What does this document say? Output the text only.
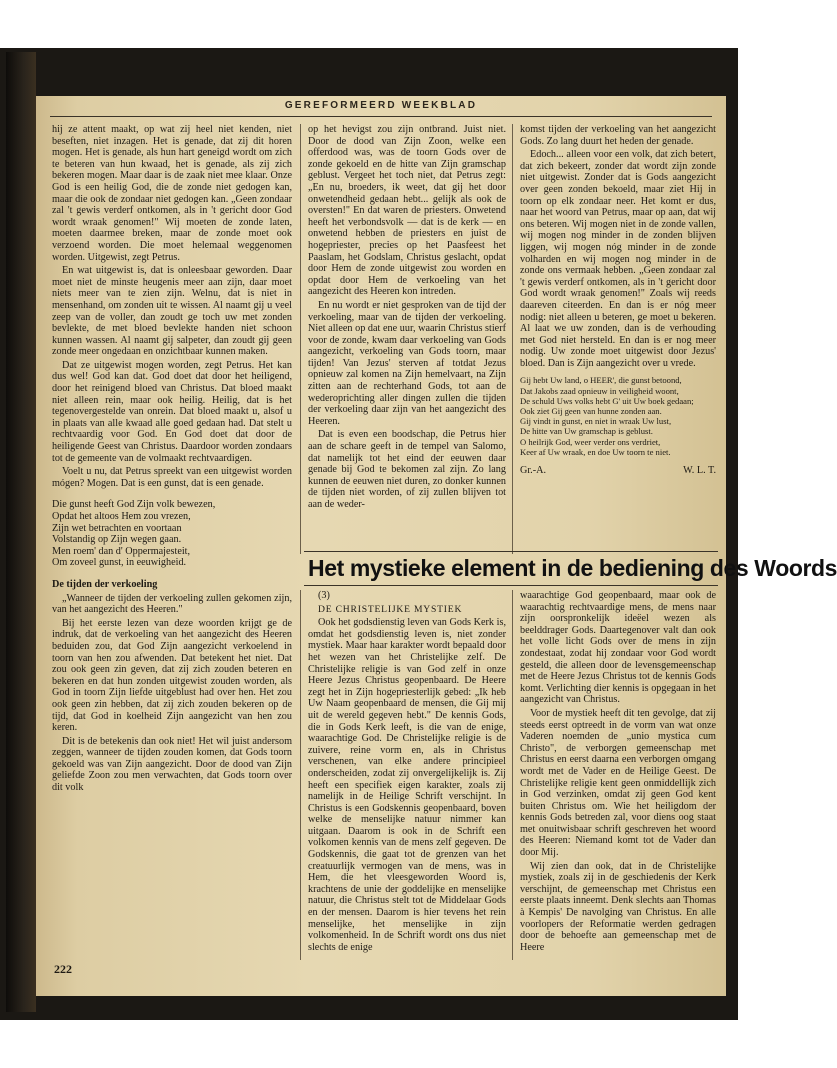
GEREFORMEERD WEEKBLAD

hij ze attent maakt, op wat zij heel niet kenden, niet beseften, niet inzagen. Het is genade, dat zij dit horen mogen. Het is genade, als hun hart geneigd wordt om zich te beteren van hun kwaad, het is genade, als zij zich bekeren mogen. Maar daar is de zaak niet mee klaar. Onze God is een heilig God, die de zonde niet gedogen kan, maar die ook de zondaar niet gedogen kan. „Geen zondaar zal 't gewis verderf ontkomen, als in 't gericht door God wordt wraak genomen!" Wij moeten de zonde laten, moeten daarmee breken, maar de zonde moet ook verzoend worden. Die moet helemaal weggenomen worden. Uitgewist, zegt Petrus.

En wat uitgewist is, dat is onleesbaar geworden. Daar moet niet de minste heugenis meer aan zijn, daar moet niets meer van te zien zijn. Welnu, dat is niet in mensenhand, om zonden uit te wissen. Al naamt gij u veel zeep van de voller, dan zoudt ge toch uw met zonden bevlekte, de met bloed bevlekte handen niet schoon kunnen wassen. Al naamt gij salpeter, dan zoudt gij geen zonde meer ongedaan en onzichtbaar kunnen maken.

Dat ze uitgewist mogen worden, zegt Petrus. Het kan dus wel! God kan dat. God doet dat door het heiligend, door het reinigend bloed van Christus. Dat bloed maakt niet alleen rein, maar ook heilig. Heilig, dat is het tegenovergestelde van onrein. Dat bloed maakt u, alsof u in plaats van alle kwaad alle goed gedaan had. Dat stelt u rechtvaardig voor God. En God doet dat door de heiligende Geest van Christus. Daardoor worden zondaars tot de gemeente van de volmaakt rechtvaardigen.

Voelt u nu, dat Petrus spreekt van een uitgewist worden mógen? Mogen. Dat is een gunst, dat is een genade.

Die gunst heeft God Zijn volk bewezen,
Opdat het altoos Hem zou vrezen,
Zijn wet betrachten en voortaan
Volstandig op Zijn wegen gaan.
Men roem' dan d' Oppermajesteit,
Om zoveel gunst, in eeuwigheid.
De tijden der verkoeling

„Wanneer de tijden der verkoeling zullen gekomen zijn, van het aangezicht des Heeren."

Bij het eerste lezen van deze woorden krijgt ge de indruk, dat de verkoeling van het aangezicht des Heeren beduiden zou, dat God Zijn aangezicht verkoelend in toorn van hen zou afwenden. Dat betekent het niet. Dat zou ook geen zin geven, dat zij zich zouden beteren en bekeren en dat hun zonden uitgewist zouden worden, als God in toorn Zijn liefde uitgeblust had over hen. Het zou ook geen zin hebben, dat zij zich zouden bekeren op de tijd, dat God in koelheid Zijn aangezicht van hen zou keren.

Dit is de betekenis dan ook niet! Het wil juist andersom zeggen, wanneer de tijden zouden komen, dat Gods toorn gekoeld was van Zijn aangezicht. Door de dood van Zijn geliefde Zoon zou men verwachten, dat Gods toorn over dit volk

op het hevigst zou zijn ontbrand. Juist niet. Door de dood van Zijn Zoon, welke een offerdood was, was de toorn Gods over de zonde gekoeld en de hitte van Zijn gramschap geblust. Vergeet het toch niet, dat Petrus zegt: „En nu, broeders, ik weet, dat gij het door onwetendheid gedaan hebt... gelijk als ook de oversten!" En dat waren de priesters. Onwetend heeft het verbondsvolk — dat is de kerk — en onwetend hebben de priesters en juist de hogepriester, precies op het Paasfeest het Paaslam, het Godslam, Christus geslacht, opdat door Hem de zonde uitgewist zou worden en opdat door Hem de verkoeling van het aangezicht des Heeren kon intreden.

En nu wordt er niet gesproken van de tijd der verkoeling, maar van de tijden der verkoeling. Niet alleen op dat ene uur, waarin Christus stierf voor de zonde, kwam daar verkoeling van Gods aangezicht, verkoeling van Gods toorn, maar tijden! Van Jezus' sterven af totdat Jezus opnieuw zal komen na Zijn hemelvaart, na Zijn zitten aan de rechterhand Gods, tot aan de wederoprichting aller dingen zullen die tijden der verkoeling daar zijn van het aangezicht des Heeren.

Dat is even een boodschap, die Petrus hier aan de schare geeft in de tempel van Salomo, dat namelijk tot het eind der eeuwen daar genade bij God te bekomen zal zijn. Zo lang kunnen de eeuwen niet duren, zo donker kunnen de tijden niet worden, of zij zullen blijven tot aan de weder-

komst tijden der verkoeling van het aangezicht Gods. Zo lang duurt het heden der genade.

Edoch... alleen voor een volk, dat zich betert, dat zich bekeert, zonder dat wordt zijn zonde niet uitgewist. Zonder dat is Gods aangezicht over geen zonden bekoeld, maar ziet Hij in toorn op elk zondaar neer. Het komt er dus, naar het woord van Petrus, maar op aan, dat wij ons beteren. Wij mogen niet in de zonde vallen, wij mogen nog minder in de zonden blijven liggen, wij mogen nóg minder in de zonde volharden en wij mogen nog minder in de zonde ons vermaak hebben. „Geen zondaar zal 't gewis verderf ontkomen, als in 't gericht door God wordt wraak genomen!" Zoals wij reeds daareven citeerden. En dan is er nóg meer nodig: niet alleen u beteren, ge moet u bekeren. Al laat we uw zonden, dan is de verhouding met God niet hersteld. En dan is er nog meer nodig. Uw zonde moet uitgewist door Jezus' bloed. Dan is Zijn aangezicht over u vrede.

Gij hebt Uw land, o HEER', die gunst betoond,
Dat Jakobs zaad opnieuw in veiligheid woont,
De schuld Uws volks hebt G' uit Uw boek gedaan;
Ook ziet Gij geen van hunne zonden aan.
Gij vindt in gunst, en niet in wraak Uw lust,
De hitte van Uw gramschap is geblust.
O heilrijk God, weer verder ons verdriet,
Keer af Uw wraak, en doe Uw toorn te niet.
Gr.-A.	W. L. T.
Het mystieke element in de bediening des Woords

(3)

DE CHRISTELIJKE MYSTIEK

Ook het godsdienstig leven van Gods Kerk is, omdat het godsdienstig leven is, niet zonder mystiek. Maar haar karakter wordt bepaald door het wezen van het Christelijke zelf. De Christelijke religie is van God zelf in onze Heere Jezus Christus geopenbaard. De Heere zegt het in Zijn hogepriesterlijk gebed: „Ik heb Uw Naam geopenbaard de mensen, die Gij mij uit de wereld gegeven hebt." De kennis Gods, die in Gods Kerk leeft, is die van de enige, waarachtige God. De Christelijke religie is de zuivere, reine vorm en, als in Christus verschenen, van elke andere principieel onderscheiden, zodat zij onvergelijkelijk is. Zij heeft een specifiek eigen karakter, zoals zij namelijk in de Heilige Schrift verschijnt. In Christus is een Godskennis geopenbaard, boven welke de menselijke natuur nimmer kan uitgaan. Daarom is ook in de Schrift een volkomen kennis van de mens zelf gegeven. De Godskennis, die gaat tot de grenzen van het creatuurlijk vermogen van de mens, was in Hem, die het vleesgeworden Woord is, krachtens de unie der goddelijke en menselijke natuur, die Christus stelt tot de Middelaar Gods en der mensen. Daarom is hier tevens het rein menselijke, het menselijke in zijn volkomenheid. In de Schrift wordt ons dus niet slechts de enige

waarachtige God geopenbaard, maar ook de waarachtig rechtvaardige mens, de mens naar zijn oorspronkelijk ideëel wezen als beelddrager Gods. Daartegenover valt dan ook het volle licht Gods over de mens in zijn zondestaat, zodat hij zondaar voor God wordt gesteld, die alleen door de levensgemeenschap met de Heere Jezus Christus tot de kennis Gods komt. Verlichting dier kennis is opgegaan in het aangezicht van Christus.

Voor de mystiek heeft dit ten gevolge, dat zij steeds eerst optreedt in de vorm van wat onze Vaderen noemden de „unio mystica cum Christo", de verborgen gemeenschap met Christus en eerst daarna een verborgen omgang wordt met de Vader en de Heilige Geest. De Christelijke religie kent geen onmiddellijk zich in God verzinken, omdat zij geen God kent buiten Christus om. Wie het heiligdom der kennis Gods betreden zal, voor diens oog staat met onuitwisbaar schrift geschreven het woord des Heeren: Niemand komt tot de Vader dan door Mij.

Wij zien dan ook, dat in de Christelijke mystiek, zoals zij in de geschiedenis der Kerk verschijnt, de gemeenschap met Christus een eerste plaats inneemt. Denk slechts aan Thomas à Kempis' De navolging van Christus. En alle voorlopers der Reformatie werden gedragen door de behoefte aan gemeenschap met de Heere

222
